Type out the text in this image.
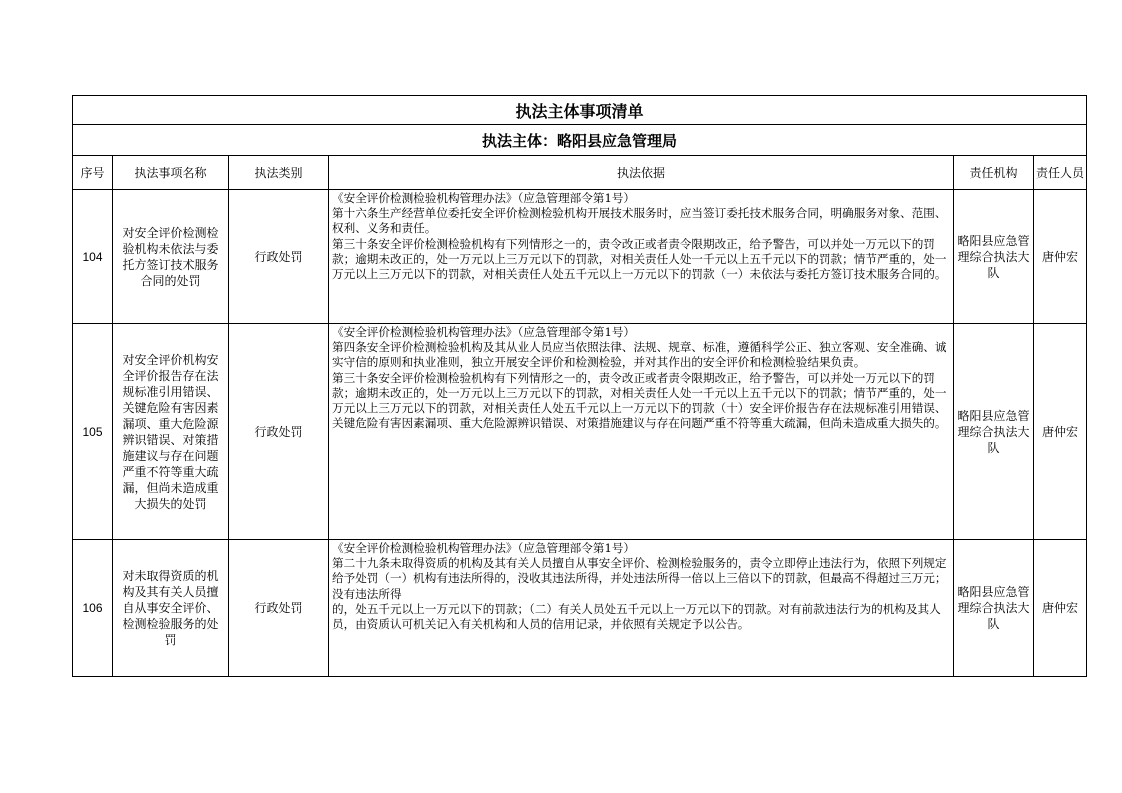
执法主体事项清单					
执法主体：略阳县应急管理局					
序号	执法事项名称	执法类别	执法依据	责任机构	责任人员
104	对安全评价检测检验机构未依法与委托方签订技术服务合同的处罚	行政处罚	《安全评价检测检验机构管理办法》（应急管理部令第1号）

第十六条生产经营单位委托安全评价检测检验机构开展技术服务时，应当签订委托技术服务合同，明确服务对象、范围、权利、义务和责任。

第三十条安全评价检测检验机构有下列情形之一的，责令改正或者责令限期改正，给予警告，可以并处一万元以下的罚款；逾期未改正的，处一万元以上三万元以下的罚款，对相关责任人处一千元以上五千元以下的罚款；情节严重的，处一万元以上三万元以下的罚款，对相关责任人处五千元以上一万元以下的罚款（一）未依法与委托方签订技术服务合同的。	略阳县应急管理综合执法大队	唐仲宏
105	对安全评价机构安全评价报告存在法规标准引用错误、关键危险有害因素漏项、重大危险源辨识错误、对策措施建议与存在问题严重不符等重大疏漏，但尚未造成重大损失的处罚	行政处罚	《安全评价检测检验机构管理办法》（应急管理部令第1号）

第四条安全评价检测检验机构及其从业人员应当依照法律、法规、规章、标准，遵循科学公正、独立客观、安全准确、诚实守信的原则和执业准则，独立开展安全评价和检测检验，并对其作出的安全评价和检测检验结果负责。

第三十条安全评价检测检验机构有下列情形之一的，责令改正或者责令限期改正，给予警告，可以并处一万元以下的罚款；逾期未改正的，处一万元以上三万元以下的罚款，对相关责任人处一千元以上五千元以下的罚款；情节严重的，处一万元以上三万元以下的罚款，对相关责任人处五千元以上一万元以下的罚款（十）安全评价报告存在法规标准引用错误、关键危险有害因素漏项、重大危险源辨识错误、对策措施建议与存在问题严重不符等重大疏漏，但尚未造成重大损失的。	略阳县应急管理综合执法大队	唐仲宏
106	对未取得资质的机构及其有关人员擅自从事安全评价、检测检验服务的处罚	行政处罚	《安全评价检测检验机构管理办法》（应急管理部令第1号）

第二十九条未取得资质的机构及其有关人员擅自从事安全评价、检测检验服务的，责令立即停止违法行为，依照下列规定给予处罚（一）机构有违法所得的，没收其违法所得，并处违法所得一倍以上三倍以下的罚款，但最高不得超过三万元；没有违法所得

的，处五千元以上一万元以下的罚款；（二）有关人员处五千元以上一万元以下的罚款。对有前款违法行为的机构及其人员，由资质认可机关记入有关机构和人员的信用记录，并依照有关规定予以公告。	略阳县应急管理综合执法大队	唐仲宏
